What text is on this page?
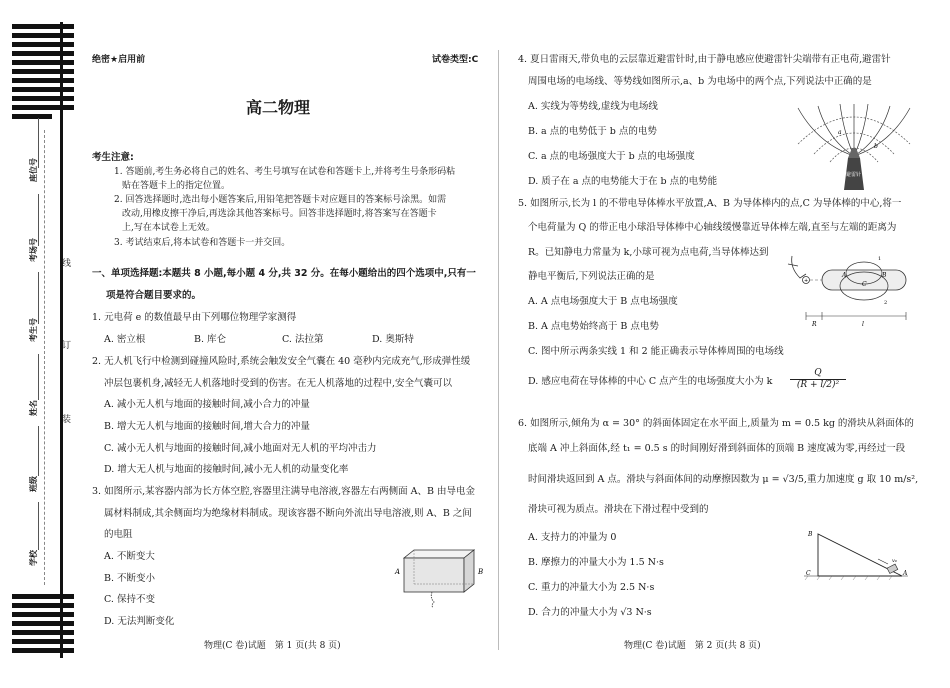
座位号
考场号
考生号
姓名
班级
学校
线
订
装
绝密★启用前	试卷类型:C
高二物理
考生注意:
1. 答题前,考生务必将自己的姓名、考生号填写在试卷和答题卡上,并将考生号条形码粘
贴在答题卡上的指定位置。
2. 回答选择题时,选出每小题答案后,用铅笔把答题卡对应题目的答案标号涂黑。如需
改动,用橡皮擦干净后,再选涂其他答案标号。回答非选择题时,将答案写在答题卡
上,写在本试卷上无效。
3. 考试结束后,将本试卷和答题卡一并交回。
一、单项选择题:本题共 8 小题,每小题 4 分,共 32 分。在每小题给出的四个选项中,只有一
项是符合题目要求的。
1. 元电荷 e 的数值最早由下列哪位物理学家测得
A. 密立根	B. 库仑	C. 法拉第	D. 奥斯特
2. 无人机飞行中检测到碰撞风险时,系统会触发安全气囊在 40 毫秒内完成充气,形成弹性缓
冲层包裹机身,减轻无人机落地时受到的伤害。在无人机落地的过程中,安全气囊可以
A. 减小无人机与地面的接触时间,减小合力的冲量
B. 增大无人机与地面的接触时间,增大合力的冲量
C. 减小无人机与地面的接触时间,减小地面对无人机的平均冲击力
D. 增大无人机与地面的接触时间,减小无人机的动量变化率
3. 如图所示,某容器内部为长方体空腔,容器里注满导电溶液,容器左右两侧面 A、B 由导电金
属材料制成,其余侧面均为绝缘材料制成。现该容器不断向外流出导电溶液,则 A、B 之间
的电阻
A. 不断变大
B. 不断变小
C. 保持不变
D. 无法判断变化
A	B
物理(C 卷)试题　第 1 页(共 8 页)
4. 夏日雷雨天,带负电的云层靠近避雷针时,由于静电感应使避雷针尖端带有正电荷,避雷针
周围电场的电场线、等势线如图所示,a、b 为电场中的两个点,下列说法中正确的是
A. 实线为等势线,虚线为电场线
B. a 点的电势低于 b 点的电势
C. a 点的电场强度大于 b 点的电场强度
D. 质子在 a 点的电势能大于在 b 点的电势能
避雷针
a
b
5. 如图所示,长为 l 的不带电导体棒水平放置,A、B 为导体棒内的点,C 为导体棒的中心,将一
个电荷量为 Q 的带正电小球沿导体棒中心轴线缓慢靠近导体棒左端,直至与左端的距离为
R。已知静电力常量为 k,小球可视为点电荷,当导体棒达到
静电平衡后,下列说法正确的是
A. A 点电场强度大于 B 点电场强度
B. A 点电势始终高于 B 点电势
C. 图中所示两条实线 1 和 2 能正确表示导体棒周围的电场线
D. 感应电荷在导体棒的中心 C 点产生的电场强度大小为 k $\frac{Q}{\text{(R + l/2)²}}$
+
A	B
C
1
2
R	l
6. 如图所示,倾角为 α = 30° 的斜面体固定在水平面上,质量为 m = 0.5 kg 的滑块从斜面体的
底端 A 冲上斜面体,经 t₁ = 0.5 s 的时间刚好滑到斜面体的顶端 B 速度减为零,再经过一段
时间滑块返回到 A 点。滑块与斜面体间的动摩擦因数为 μ = √3/5,重力加速度 g 取 10 m/s²,
滑块可视为质点。滑块在下滑过程中受到的
A. 支持力的冲量为 0
B. 摩擦力的冲量大小为 1.5 N·s
C. 重力的冲量大小为 2.5 N·s
D. 合力的冲量大小为 √3 N·s
v₀
B
C	A
物理(C 卷)试题　第 2 页(共 8 页)
